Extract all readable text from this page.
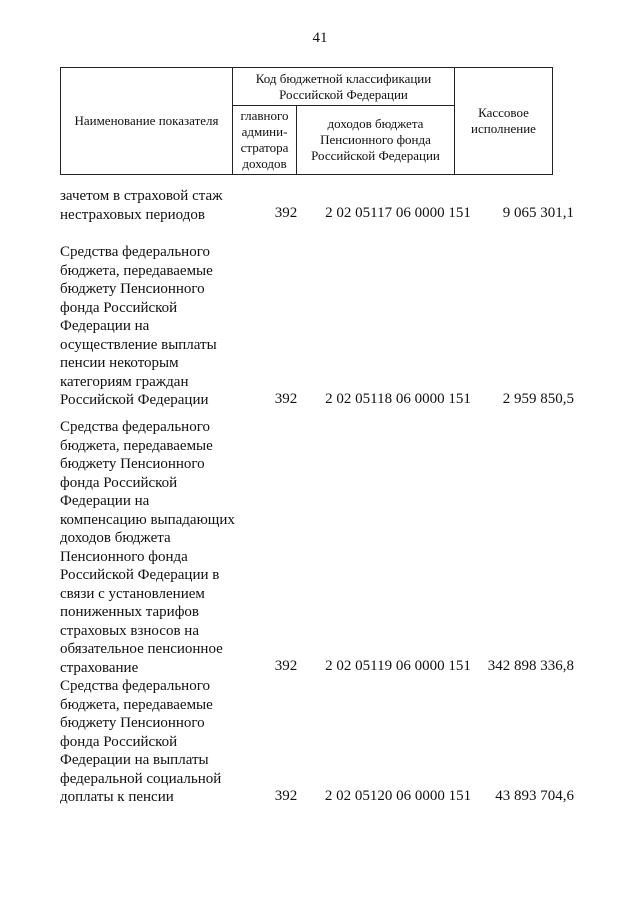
41
Наименование показателя	Код бюджетной классификации Российской Федерации		Кассовое исполнение
	главного админи-стратора доходов	доходов бюджета Пенсионного фонда Российской Федерации	
зачетом в страховой стаж
нестраховых периодов	392	2 02 05117 06 0000 151	9 065 301,1
Средства федерального
бюджета, передаваемые
бюджету Пенсионного
фонда Российской
Федерации на
осуществление выплаты
пенсии некоторым
категориям граждан
Российской Федерации	392	2 02 05118 06 0000 151	2 959 850,5
Средства федерального
бюджета, передаваемые
бюджету Пенсионного
фонда Российской
Федерации на
компенсацию выпадающих
доходов бюджета
Пенсионного фонда
Российской Федерации в
связи с установлением
пониженных тарифов
страховых взносов на
обязательное пенсионное
страхование	392	2 02 05119 06 0000 151	342 898 336,8
Средства федерального
бюджета, передаваемые
бюджету Пенсионного
фонда Российской
Федерации на выплаты
федеральной социальной
доплаты к пенсии	392	2 02 05120 06 0000 151	43 893 704,6
